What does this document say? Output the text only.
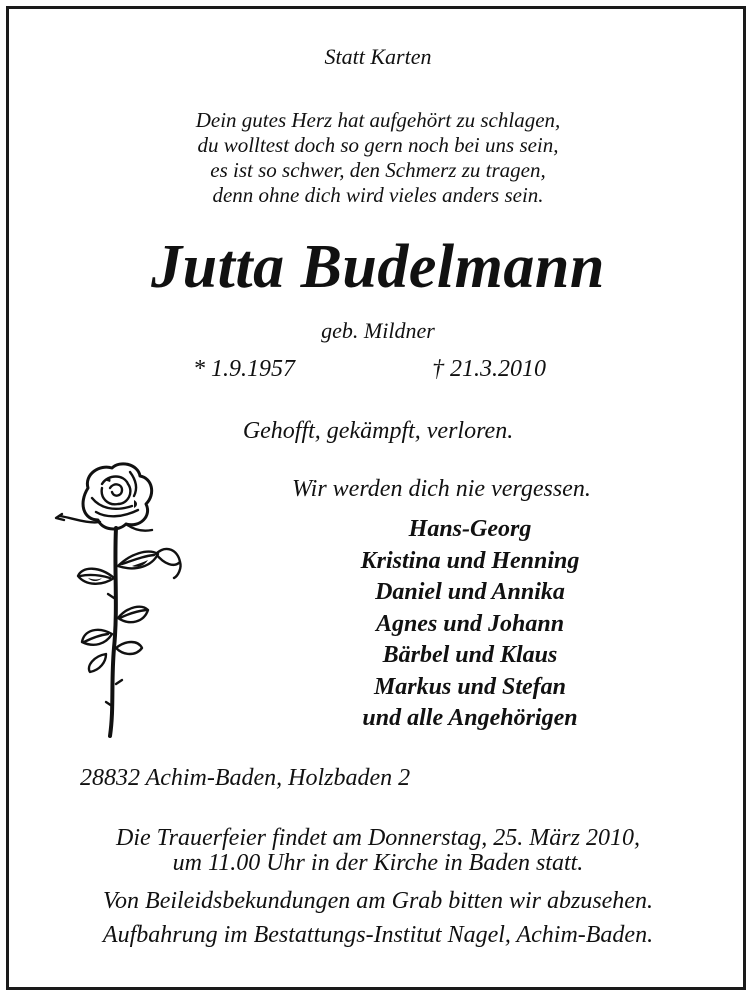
Statt Karten
Dein gutes Herz hat aufgehört zu schlagen,
du wolltest doch so gern noch bei uns sein,
es ist so schwer, den Schmerz zu tragen,
denn ohne dich wird vieles anders sein.
Jutta Budelmann
geb. Mildner
* 1.9.1957	† 21.3.2010
Gehofft, gekämpft, verloren.
Wir werden dich nie vergessen.
Hans-Georg
Kristina und Henning
Daniel und Annika
Agnes und Johann
Bärbel und Klaus
Markus und Stefan
und alle Angehörigen
28832 Achim-Baden, Holzbaden 2
Die Trauerfeier findet am Donnerstag, 25. März 2010,
um 11.00 Uhr in der Kirche in Baden statt.
Von Beileidsbekundungen am Grab bitten wir abzusehen.
Aufbahrung im Bestattungs-Institut Nagel, Achim-Baden.
